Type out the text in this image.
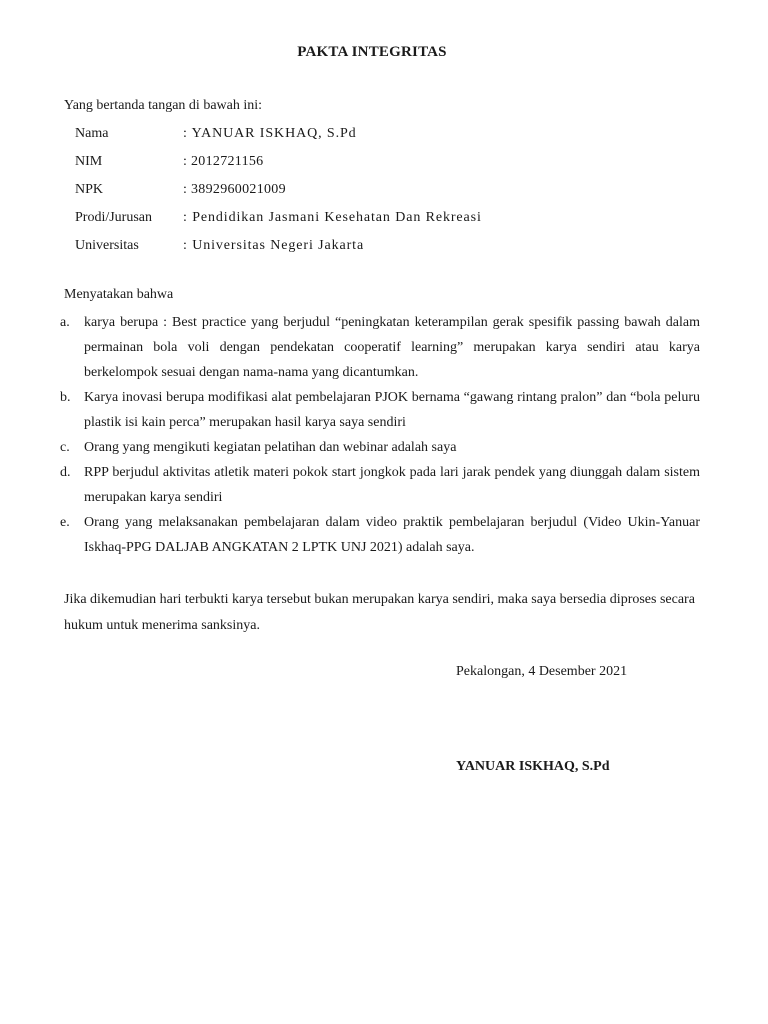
PAKTA INTEGRITAS
Yang bertanda tangan di bawah ini:
Nama	: YANUAR ISKHAQ, S.Pd
NIM	: 2012721156
NPK	: 3892960021009
Prodi/Jurusan	: Pendidikan Jasmani Kesehatan Dan Rekreasi
Universitas	: Universitas Negeri Jakarta
Menyatakan bahwa
a. karya berupa : Best practice yang berjudul “peningkatan keterampilan gerak spesifik passing bawah dalam permainan bola voli dengan pendekatan cooperatif learning” merupakan karya sendiri atau karya berkelompok sesuai dengan nama-nama yang dicantumkan.
b. Karya inovasi berupa modifikasi alat pembelajaran PJOK bernama “gawang rintang pralon” dan “bola peluru plastik isi kain perca” merupakan hasil karya saya sendiri
c. Orang yang mengikuti kegiatan pelatihan dan webinar adalah saya
d. RPP berjudul aktivitas atletik materi pokok start jongkok pada lari jarak pendek yang diunggah dalam sistem merupakan karya sendiri
e. Orang yang melaksanakan pembelajaran dalam video praktik pembelajaran berjudul (Video Ukin-Yanuar Iskhaq-PPG DALJAB ANGKATAN 2 LPTK UNJ 2021) adalah saya.
Jika dikemudian hari terbukti karya tersebut bukan merupakan karya sendiri, maka saya bersedia diproses secara hukum untuk menerima sanksinya.
Pekalongan, 4 Desember 2021
YANUAR ISKHAQ, S.Pd
